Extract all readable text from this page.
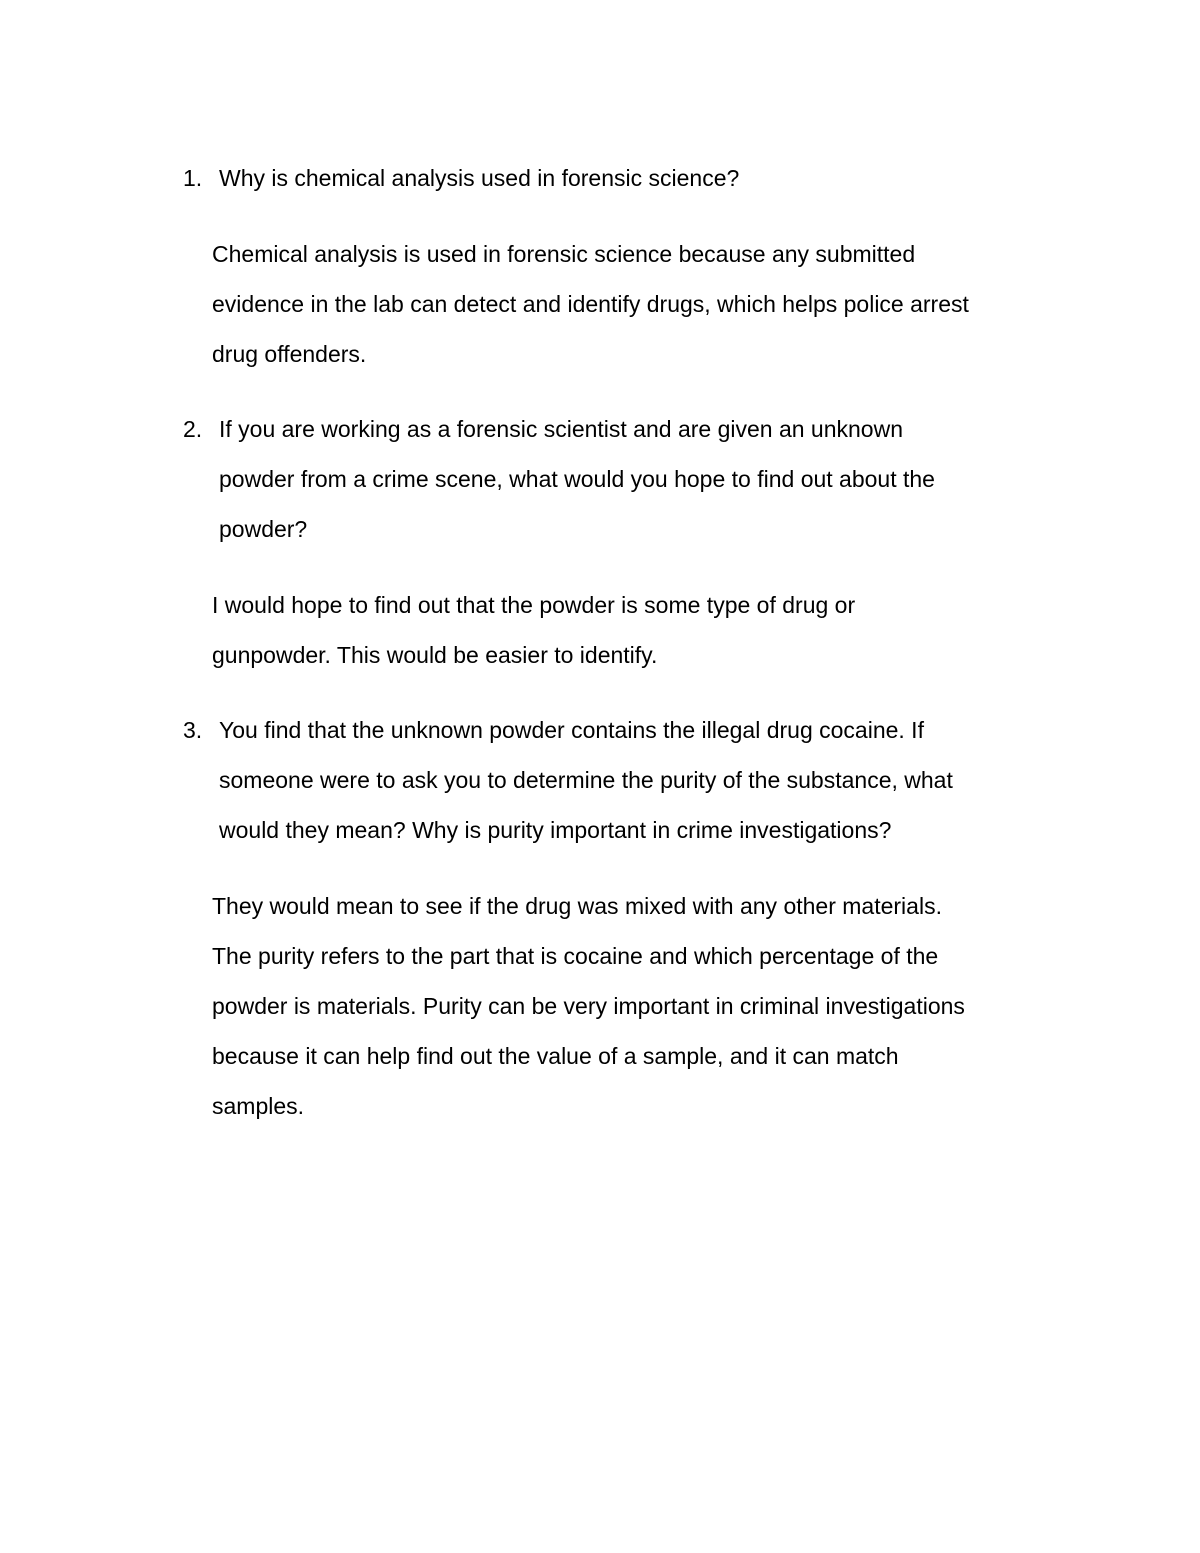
1. Why is chemical analysis used in forensic science?
Chemical analysis is used in forensic science because any submitted
evidence in the lab can detect and identify drugs, which helps police arrest
drug offenders.
2. If you are working as a forensic scientist and are given an unknown
powder from a crime scene, what would you hope to find out about the
powder?
I would hope to find out that the powder is some type of drug or
gunpowder. This would be easier to identify.
3. You find that the unknown powder contains the illegal drug cocaine. If
someone were to ask you to determine the purity of the substance, what
would they mean? Why is purity important in crime investigations?
They would mean to see if the drug was mixed with any other materials.
The purity refers to the part that is cocaine and which percentage of the
powder is materials. Purity can be very important in criminal investigations
because it can help find out the value of a sample, and it can match
samples.
